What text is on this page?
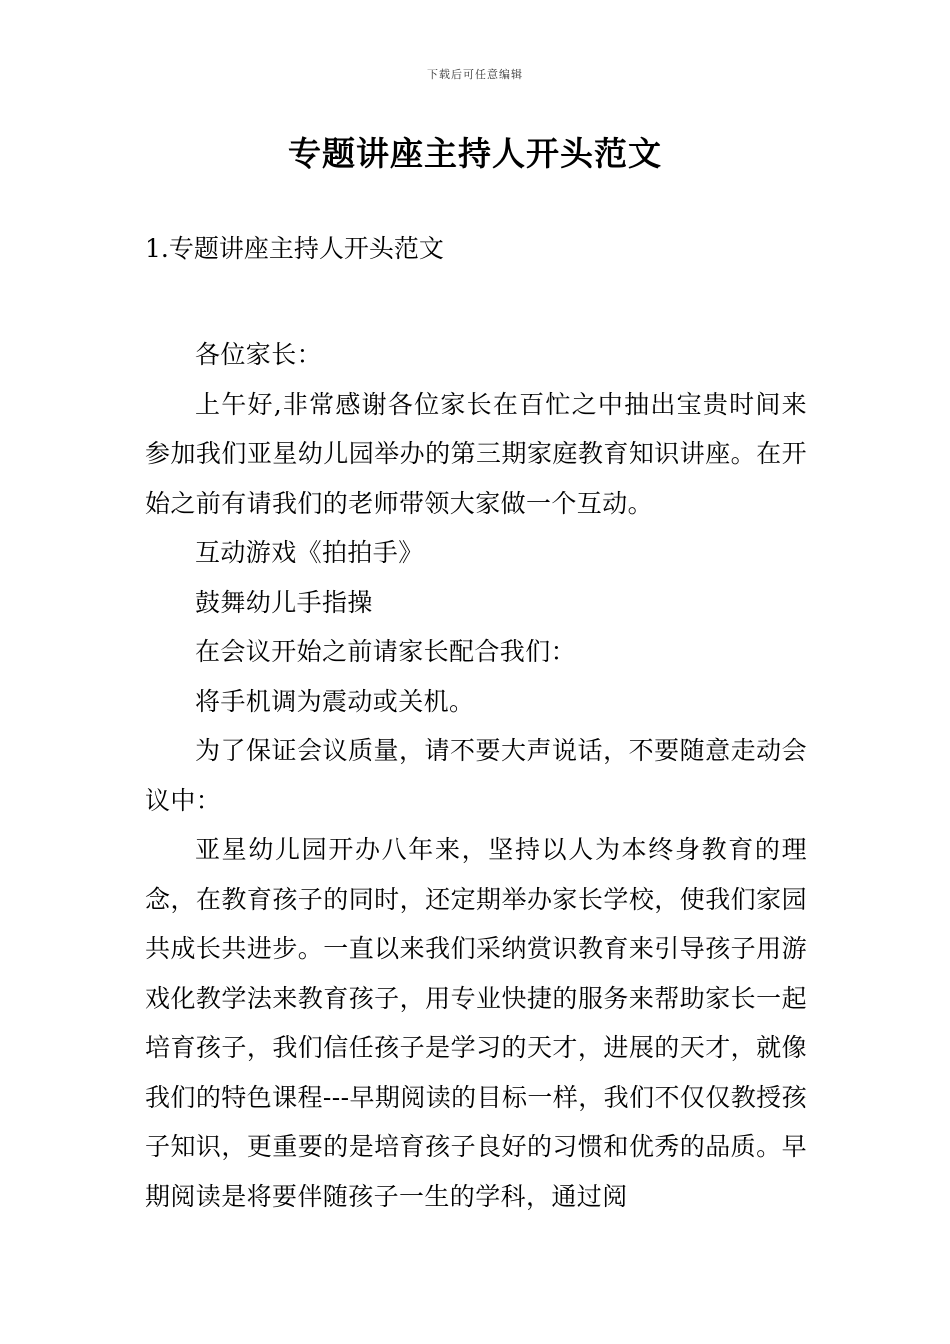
下载后可任意编辑
专题讲座主持人开头范文
1.专题讲座主持人开头范文

各位家长：

上午好,非常感谢各位家长在百忙之中抽出宝贵时间来参加我们亚星幼儿园举办的第三期家庭教育知识讲座。在开始之前有请我们的老师带领大家做一个互动。

互动游戏《拍拍手》

鼓舞幼儿手指操

在会议开始之前请家长配合我们：

将手机调为震动或关机。

为了保证会议质量，请不要大声说话，不要随意走动会议中：

亚星幼儿园开办八年来，坚持以人为本终身教育的理念，在教育孩子的同时，还定期举办家长学校，使我们家园共成长共进步。一直以来我们采纳赏识教育来引导孩子用游戏化教学法来教育孩子，用专业快捷的服务来帮助家长一起培育孩子，我们信任孩子是学习的天才，进展的天才，就像我们的特色课程---早期阅读的目标一样，我们不仅仅教授孩子知识，更重要的是培育孩子良好的习惯和优秀的品质。早期阅读是将要伴随孩子一生的学科，通过阅
